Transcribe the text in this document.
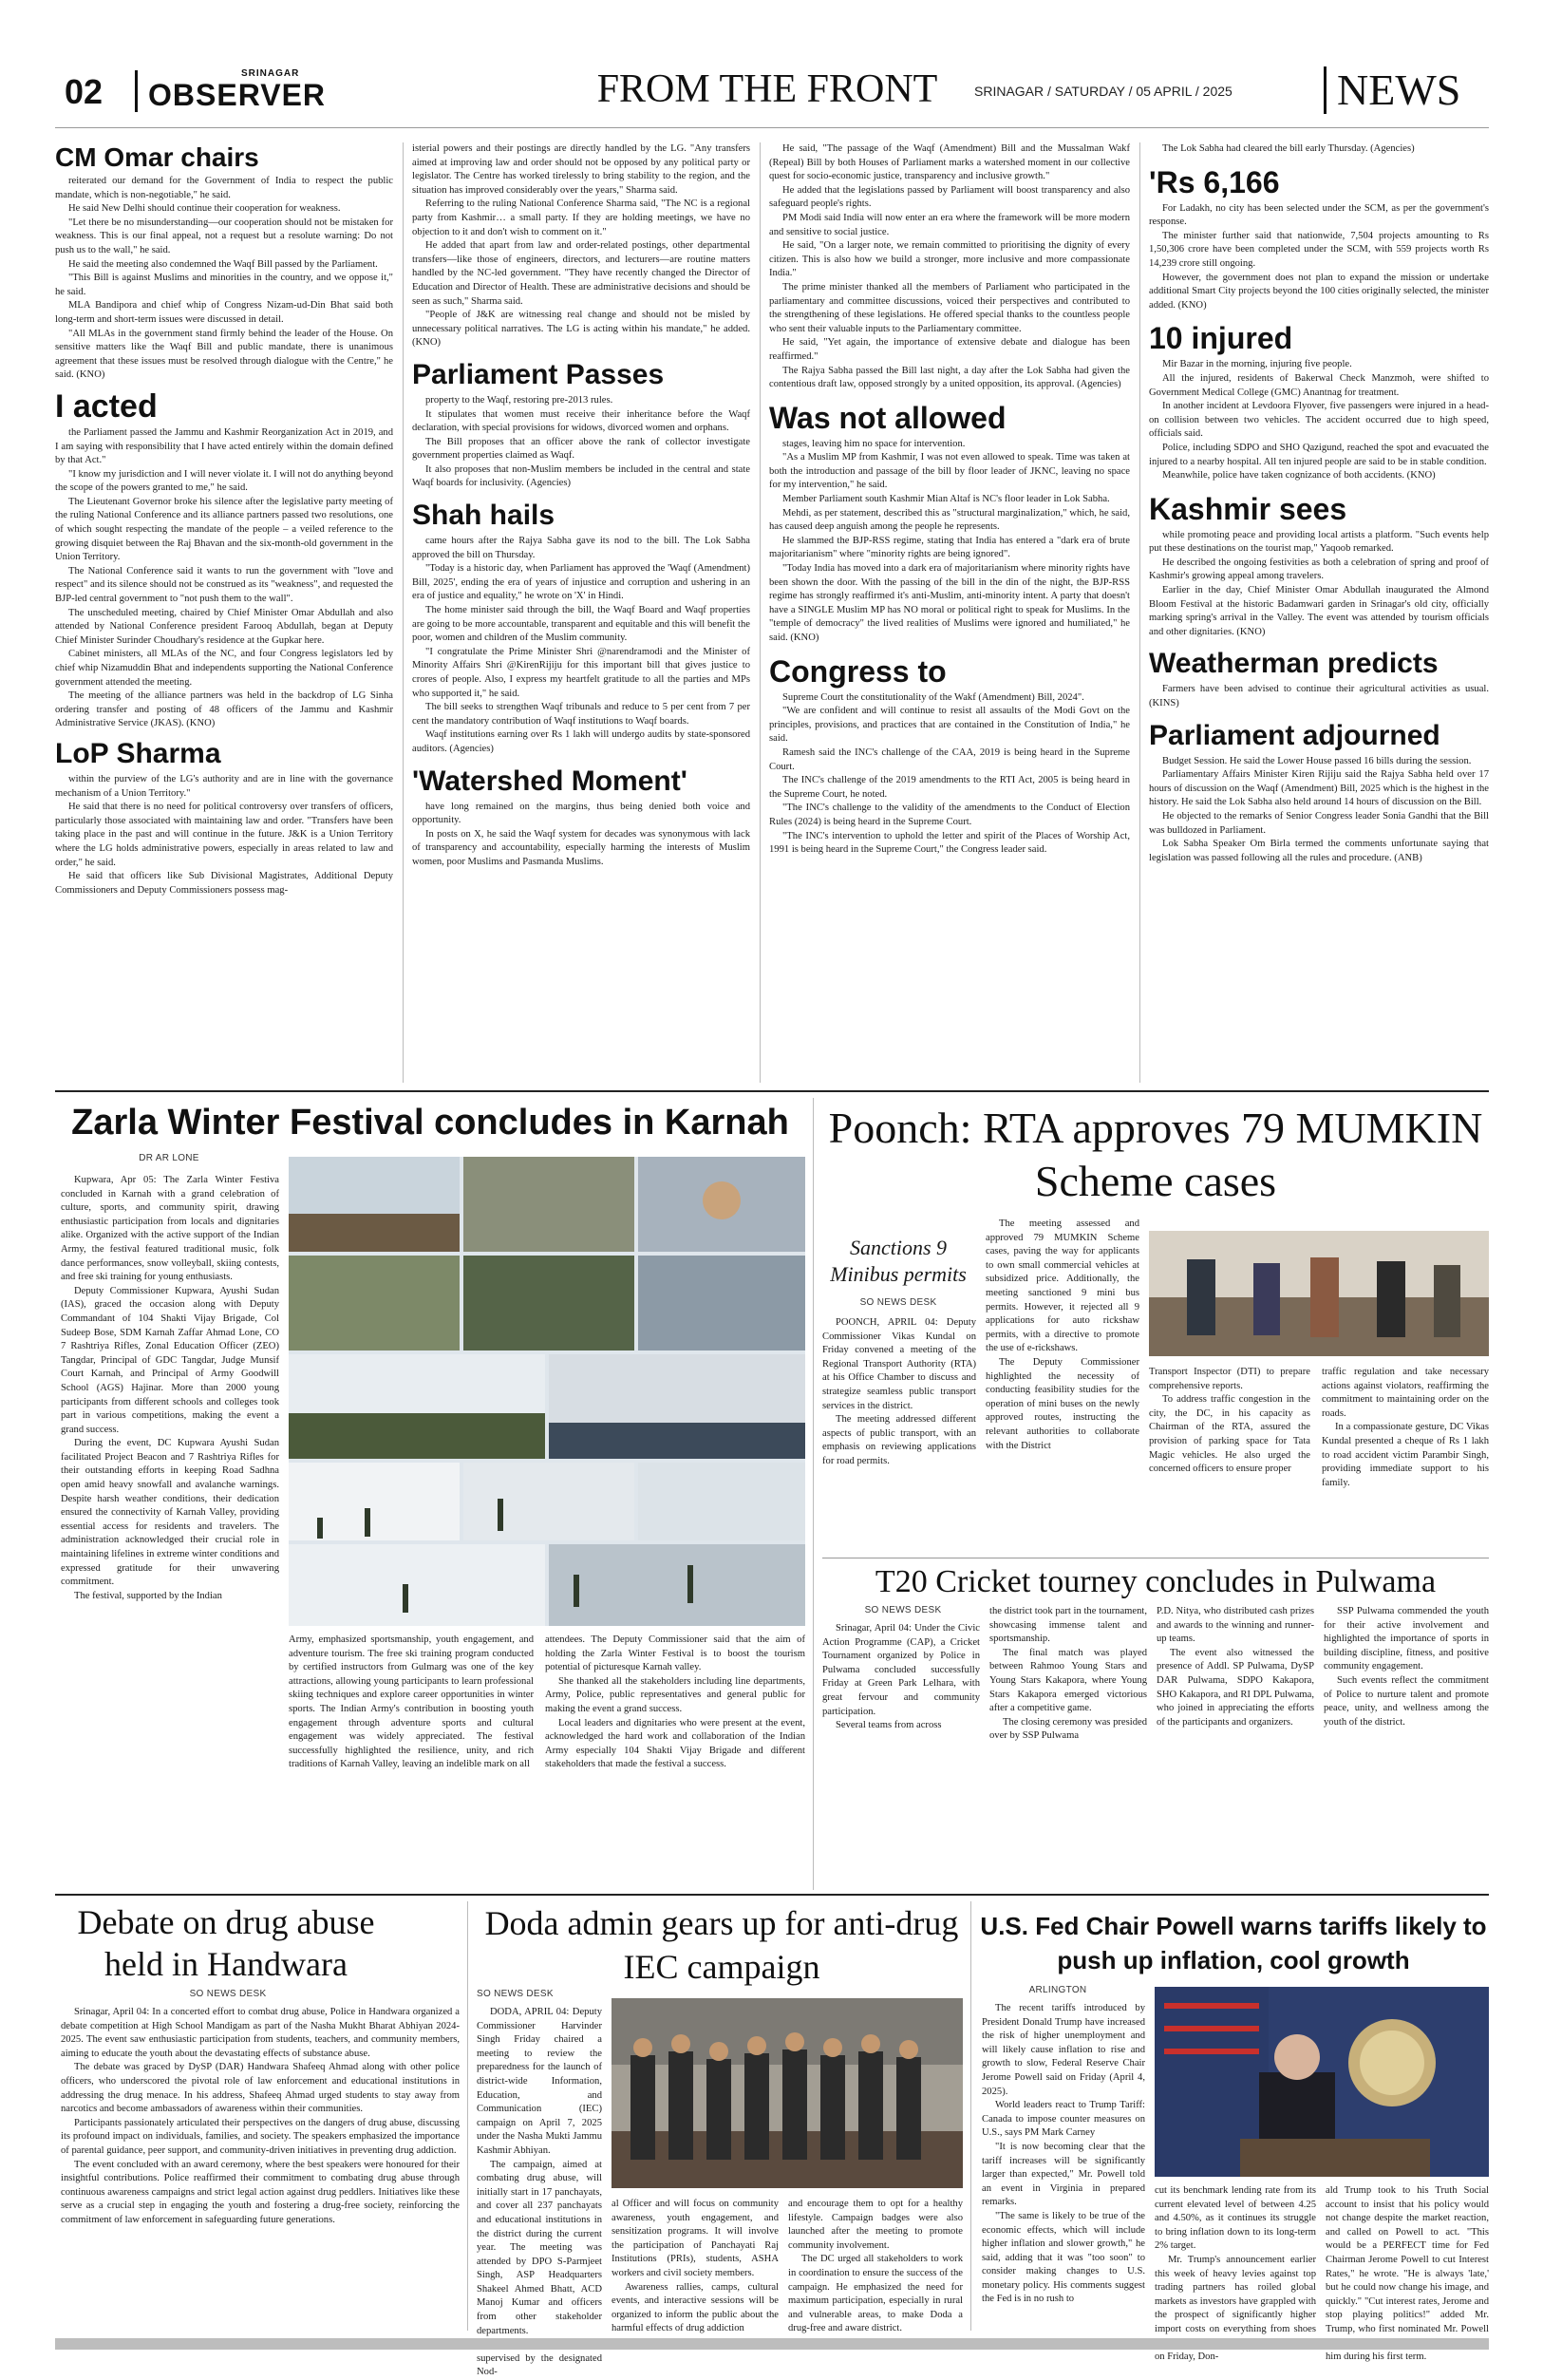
02	SRINAGAR
OBSERVER	FROM THE FRONT	SRINAGAR / SATURDAY / 05 APRIL / 2025 NEWS
CM Omar chairs

reiterated our demand for the Government of India to respect the public mandate, which is non-negotiable," he said.

He said New Delhi should continue their cooperation for weakness.

"Let there be no misunderstanding—our cooperation should not be mistaken for weakness. This is our final appeal, not a request but a resolute warning: Do not push us to the wall," he said.

He said the meeting also condemned the Waqf Bill passed by the Parliament.

"This Bill is against Muslims and minorities in the country, and we oppose it," he said.

MLA Bandipora and chief whip of Congress Nizam-ud-Din Bhat said both long-term and short-term issues were discussed in detail.

"All MLAs in the government stand firmly behind the leader of the House. On sensitive matters like the Waqf Bill and public mandate, there is unanimous agreement that these issues must be resolved through dialogue with the Centre," he said. (KNO)

I acted

the Parliament passed the Jammu and Kashmir Reorganization Act in 2019, and I am saying with responsibility that I have acted entirely within the domain defined by that Act."

"I know my jurisdiction and I will never violate it. I will not do anything beyond the scope of the powers granted to me," he said.

The Lieutenant Governor broke his silence after the legislative party meeting of the ruling National Conference and its alliance partners passed two resolutions, one of which sought respecting the mandate of the people – a veiled reference to the growing disquiet between the Raj Bhavan and the six-month-old government in the Union Territory.

The National Conference said it wants to run the government with "love and respect" and its silence should not be construed as its "weakness", and requested the BJP-led central government to "not push them to the wall".

The unscheduled meeting, chaired by Chief Minister Omar Abdullah and also attended by National Conference president Farooq Abdullah, began at Deputy Chief Minister Surinder Choudhary's residence at the Gupkar here.

Cabinet ministers, all MLAs of the NC, and four Congress legislators led by chief whip Nizamuddin Bhat and independents supporting the National Conference government attended the meeting.

The meeting of the alliance partners was held in the backdrop of LG Sinha ordering transfer and posting of 48 officers of the Jammu and Kashmir Administrative Service (JKAS). (KNO)

LoP Sharma

within the purview of the LG's authority and are in line with the governance mechanism of a Union Territory."

He said that there is no need for political controversy over transfers of officers, particularly those associated with maintaining law and order. "Transfers have been taking place in the past and will continue in the future. J&K is a Union Territory where the LG holds administrative powers, especially in areas related to law and order," he said.

He said that officers like Sub Divisional Magistrates, Additional Deputy Commissioners and Deputy Commissioners possess mag-

isterial powers and their postings are directly handled by the LG. "Any transfers aimed at improving law and order should not be opposed by any political party or legislator. The Centre has worked tirelessly to bring stability to the region, and the situation has improved considerably over the years," Sharma said.

Referring to the ruling National Conference Sharma said, "The NC is a regional party from Kashmir… a small party. If they are holding meetings, we have no objection to it and don't wish to comment on it."

He added that apart from law and order-related postings, other departmental transfers—like those of engineers, directors, and lecturers—are routine matters handled by the NC-led government. "They have recently changed the Director of Education and Director of Health. These are administrative decisions and should be seen as such," Sharma said.

"People of J&K are witnessing real change and should not be misled by unnecessary political narratives. The LG is acting within his mandate," he added. (KNO)

Parliament Passes

property to the Waqf, restoring pre-2013 rules.

It stipulates that women must receive their inheritance before the Waqf declaration, with special provisions for widows, divorced women and orphans.

The Bill proposes that an officer above the rank of collector investigate government properties claimed as Waqf.

It also proposes that non-Muslim members be included in the central and state Waqf boards for inclusivity. (Agencies)

Shah hails

came hours after the Rajya Sabha gave its nod to the bill. The Lok Sabha approved the bill on Thursday.

"Today is a historic day, when Parliament has approved the 'Waqf (Amendment) Bill, 2025', ending the era of years of injustice and corruption and ushering in an era of justice and equality," he wrote on 'X' in Hindi.

The home minister said through the bill, the Waqf Board and Waqf properties are going to be more accountable, transparent and equitable and this will benefit the poor, women and children of the Muslim community.

"I congratulate the Prime Minister Shri @narendramodi and the Minister of Minority Affairs Shri @KirenRijiju for this important bill that gives justice to crores of people. Also, I express my heartfelt gratitude to all the parties and MPs who supported it," he said.

The bill seeks to strengthen Waqf tribunals and reduce to 5 per cent from 7 per cent the mandatory contribution of Waqf institutions to Waqf boards.

Waqf institutions earning over Rs 1 lakh will undergo audits by state-sponsored auditors. (Agencies)

'Watershed Moment'

have long remained on the margins, thus being denied both voice and opportunity.

In posts on X, he said the Waqf system for decades was synonymous with lack of transparency and accountability, especially harming the interests of Muslim women, poor Muslims and Pasmanda Muslims.

He said, "The passage of the Waqf (Amendment) Bill and the Mussalman Wakf (Repeal) Bill by both Houses of Parliament marks a watershed moment in our collective quest for socio-economic justice, transparency and inclusive growth."

He added that the legislations passed by Parliament will boost transparency and also safeguard people's rights.

PM Modi said India will now enter an era where the framework will be more modern and sensitive to social justice.

He said, "On a larger note, we remain committed to prioritising the dignity of every citizen. This is also how we build a stronger, more inclusive and more compassionate India."

The prime minister thanked all the members of Parliament who participated in the parliamentary and committee discussions, voiced their perspectives and contributed to the strengthening of these legislations. He offered special thanks to the countless people who sent their valuable inputs to the Parliamentary committee.

He said, "Yet again, the importance of extensive debate and dialogue has been reaffirmed."

The Rajya Sabha passed the Bill last night, a day after the Lok Sabha had given the contentious draft law, opposed strongly by a united opposition, its approval. (Agencies)

Was not allowed

stages, leaving him no space for intervention.

"As a Muslim MP from Kashmir, I was not even allowed to speak. Time was taken at both the introduction and passage of the bill by floor leader of JKNC, leaving no space for my intervention," he said.

Member Parliament south Kashmir Mian Altaf is NC's floor leader in Lok Sabha.

Mehdi, as per statement, described this as "structural marginalization," which, he said, has caused deep anguish among the people he represents.

He slammed the BJP-RSS regime, stating that India has entered a "dark era of brute majoritarianism" where "minority rights are being ignored".

"Today India has moved into a dark era of majoritarianism where minority rights have been shown the door. With the passing of the bill in the din of the night, the BJP-RSS regime has strongly reaffirmed it's anti-Muslim, anti-minority intent. A party that doesn't have a SINGLE Muslim MP has NO moral or political right to speak for Muslims. In the "temple of democracy" the lived realities of Muslims were ignored and humiliated," he said. (KNO)

Congress to

Supreme Court the constitutionality of the Wakf (Amendment) Bill, 2024".

"We are confident and will continue to resist all assaults of the Modi Govt on the principles, provisions, and practices that are contained in the Constitution of India," he said.

Ramesh said the INC's challenge of the CAA, 2019 is being heard in the Supreme Court.

The INC's challenge of the 2019 amendments to the RTI Act, 2005 is being heard in the Supreme Court, he noted.

"The INC's challenge to the validity of the amendments to the Conduct of Election Rules (2024) is being heard in the Supreme Court.

"The INC's intervention to uphold the letter and spirit of the Places of Worship Act, 1991 is being heard in the Supreme Court," the Congress leader said.

The Lok Sabha had cleared the bill early Thursday. (Agencies)

'Rs 6,166

For Ladakh, no city has been selected under the SCM, as per the government's response.

The minister further said that nationwide, 7,504 projects amounting to Rs 1,50,306 crore have been completed under the SCM, with 559 projects worth Rs 14,239 crore still ongoing.

However, the government does not plan to expand the mission or undertake additional Smart City projects beyond the 100 cities originally selected, the minister added. (KNO)

10 injured

Mir Bazar in the morning, injuring five people.

All the injured, residents of Bakerwal Check Manzmoh, were shifted to Government Medical College (GMC) Anantnag for treatment.

In another incident at Levdoora Flyover, five passengers were injured in a head-on collision between two vehicles. The accident occurred due to high speed, officials said.

Police, including SDPO and SHO Qazigund, reached the spot and evacuated the injured to a nearby hospital. All ten injured people are said to be in stable condition.

Meanwhile, police have taken cognizance of both accidents. (KNO)

Kashmir sees

while promoting peace and providing local artists a platform. "Such events help put these destinations on the tourist map," Yaqoob remarked.

He described the ongoing festivities as both a celebration of spring and proof of Kashmir's growing appeal among travelers.

Earlier in the day, Chief Minister Omar Abdullah inaugurated the Almond Bloom Festival at the historic Badamwari garden in Srinagar's old city, officially marking spring's arrival in the Valley. The event was attended by tourism officials and other dignitaries. (KNO)

Weatherman predicts

Farmers have been advised to continue their agricultural activities as usual. (KINS)

Parliament adjourned

Budget Session. He said the Lower House passed 16 bills during the session.

Parliamentary Affairs Minister Kiren Rijiju said the Rajya Sabha held over 17 hours of discussion on the Waqf (Amendment) Bill, 2025 which is the highest in the history. He said the Lok Sabha also held around 14 hours of discussion on the Bill.

He objected to the remarks of Senior Congress leader Sonia Gandhi that the Bill was bulldozed in Parliament.

Lok Sabha Speaker Om Birla termed the comments unfortunate saying that legislation was passed following all the rules and procedure. (ANB)

Zarla Winter Festival concludes in Karnah
DR AR LONE

Kupwara, Apr 05: The Zarla Winter Festiva concluded in Karnah with a grand celebration of culture, sports, and community spirit, drawing enthusiastic participation from locals and dignitaries alike. Organized with the active support of the Indian Army, the festival featured traditional music, folk dance performances, snow volleyball, skiing contests, and free ski training for young enthusiasts.

Deputy Commissioner Kupwara, Ayushi Sudan (IAS), graced the occasion along with Deputy Commandant of 104 Shakti Vijay Brigade, Col Sudeep Bose, SDM Karnah Zaffar Ahmad Lone, CO 7 Rashtriya Rifles, Zonal Education Officer (ZEO) Tangdar, Principal of GDC Tangdar, Judge Munsif Court Karnah, and Principal of Army Goodwill School (AGS) Hajinar. More than 2000 young participants from different schools and colleges took part in various competitions, making the event a grand success.

During the event, DC Kupwara Ayushi Sudan facilitated Project Beacon and 7 Rashtriya Rifles for their outstanding efforts in keeping Road Sadhna open amid heavy snowfall and avalanche warnings. Despite harsh weather conditions, their dedication ensured the connectivity of Karnah Valley, providing essential access for residents and travelers. The administration acknowledged their crucial role in maintaining lifelines in extreme winter conditions and expressed gratitude for their unwavering commitment.

The festival, supported by the Indian

Army, emphasized sportsmanship, youth engagement, and adventure tourism. The free ski training program conducted by certified instructors from Gulmarg was one of the key attractions, allowing young participants to learn professional skiing techniques and explore career opportunities in winter sports. The Indian Army's contribution in boosting youth engagement through adventure sports and cultural engagement was widely appreciated. The festival successfully highlighted the resilience, unity, and rich traditions of Karnah Valley, leaving an indelible mark on all

attendees. The Deputy Commissioner said that the aim of holding the Zarla Winter Festival is to boost the tourism potential of picturesque Karnah valley.

She thanked all the stakeholders including line departments, Army, Police, public representatives and general public for making the event a grand success.

Local leaders and dignitaries who were present at the event, acknowledged the hard work and collaboration of the Indian Army especially 104 Shakti Vijay Brigade and different stakeholders that made the festival a success.

Poonch: RTA approves 79 MUMKIN Scheme cases
Sanctions 9 Minibus permits
SO NEWS DESK

POONCH, APRIL 04: Deputy Commissioner Vikas Kundal on Friday convened a meeting of the Regional Transport Authority (RTA) at his Office Chamber to discuss and strategize seamless public transport services in the district.

The meeting addressed different aspects of public transport, with an emphasis on reviewing applications for road permits.

The meeting assessed and approved 79 MUMKIN Scheme cases, paving the way for applicants to own small commercial vehicles at subsidized price. Additionally, the meeting sanctioned 9 mini bus permits. However, it rejected all 9 applications for auto rickshaw permits, with a directive to promote the use of e-rickshaws.

The Deputy Commissioner highlighted the necessity of conducting feasibility studies for the operation of mini buses on the newly approved routes, instructing the relevant authorities to collaborate with the District

Transport Inspector (DTI) to prepare comprehensive reports.

To address traffic congestion in the city, the DC, in his capacity as Chairman of the RTA, assured the provision of parking space for Tata Magic vehicles. He also urged the concerned officers to ensure proper

traffic regulation and take necessary actions against violators, reaffirming the commitment to maintaining order on the roads.

In a compassionate gesture, DC Vikas Kundal presented a cheque of Rs 1 lakh to road accident victim Parambir Singh, providing immediate support to his family.

T20 Cricket tourney concludes in Pulwama
SO NEWS DESK

Srinagar, April 04: Under the Civic Action Programme (CAP), a Cricket Tournament organized by Police in Pulwama concluded successfully Friday at Green Park Lelhara, with great fervour and community participation.

Several teams from across

the district took part in the tournament, showcasing immense talent and sportsmanship.

The final match was played between Rahmoo Young Stars and Young Stars Kakapora, where Young Stars Kakapora emerged victorious after a competitive game.

The closing ceremony was presided over by SSP Pulwama

P.D. Nitya, who distributed cash prizes and awards to the winning and runner-up teams.

The event also witnessed the presence of Addl. SP Pulwama, DySP DAR Pulwama, SDPO Kakapora, SHO Kakapora, and RI DPL Pulwama, who joined in appreciating the efforts of the participants and organizers.

SSP Pulwama commended the youth for their active involvement and highlighted the importance of sports in building discipline, fitness, and positive community engagement.

Such events reflect the commitment of Police to nurture talent and promote peace, unity, and wellness among the youth of the district.

Debate on drug abuse held in Handwara
SO NEWS DESK

Srinagar, April 04: In a concerted effort to combat drug abuse, Police in Handwara organized a debate competition at High School Mandigam as part of the Nasha Mukht Bharat Abhiyan 2024-2025. The event saw enthusiastic participation from students, teachers, and community members, aiming to educate the youth about the devastating effects of substance abuse.

The debate was graced by DySP (DAR) Handwara Shafeeq Ahmad along with other police officers, who underscored the pivotal role of law enforcement and educational institutions in addressing the drug menace. In his address, Shafeeq Ahmad urged students to stay away from narcotics and become ambassadors of awareness within their communities.

Participants passionately articulated their perspectives on the dangers of drug abuse, discussing its profound impact on individuals, families, and society. The speakers emphasized the importance of parental guidance, peer support, and community-driven initiatives in preventing drug addiction.

The event concluded with an award ceremony, where the best speakers were honoured for their insightful contributions. Police reaffirmed their commitment to combating drug abuse through continuous awareness campaigns and strict legal action against drug peddlers. Initiatives like these serve as a crucial step in engaging the youth and fostering a drug-free society, reinforcing the commitment of law enforcement in safeguarding future generations.

Doda admin gears up for anti-drug IEC campaign
SO NEWS DESK

DODA, APRIL 04: Deputy Commissioner Harvinder Singh Friday chaired a meeting to review the preparedness for the launch of district-wide Information, Education, and Communication (IEC) campaign on April 7, 2025 under the Nasha Mukti Jammu Kashmir Abhiyan.

The campaign, aimed at combating drug abuse, will initially start in 17 panchayats, and cover all 237 panchayats and educational institutions in the district during the current year. The meeting was attended by DPO S-Parmjeet Singh, ASP Headquarters Shakeel Ahmed Bhatt, ACD Manoj Kumar and officers from other stakeholder departments.

supervised by the designated Nod-

al Officer and will focus on community awareness, youth engagement, and sensitization programs. It will involve the participation of Panchayati Raj Institutions (PRIs), students, ASHA workers and civil society members.

Awareness rallies, camps, cultural events, and interactive sessions will be organized to inform the public about the harmful effects of drug addiction

and encourage them to opt for a healthy lifestyle. Campaign badges were also launched after the meeting to promote community involvement.

The DC urged all stakeholders to work in coordination to ensure the success of the campaign. He emphasized the need for maximum participation, especially in rural and vulnerable areas, to make Doda a drug-free and aware district.

U.S. Fed Chair Powell warns tariffs likely to push up inflation, cool growth
ARLINGTON

The recent tariffs introduced by President Donald Trump have increased the risk of higher unemployment and will likely cause inflation to rise and growth to slow, Federal Reserve Chair Jerome Powell said on Friday (April 4, 2025).

World leaders react to Trump Tariff: Canada to impose counter measures on U.S., says PM Mark Carney

"It is now becoming clear that the tariff increases will be significantly larger than expected," Mr. Powell told an event in Virginia in prepared remarks.

"The same is likely to be true of the economic effects, which will include higher inflation and slower growth," he said, adding that it was "too soon" to consider making changes to U.S. monetary policy. His comments suggest the Fed is in no rush to

cut its benchmark lending rate from its current elevated level of between 4.25 and 4.50%, as it continues its struggle to bring inflation down to its long-term 2% target.

Mr. Trump's announcement earlier this week of heavy levies against top trading partners has roiled global markets as investors have grappled with the prospect of significantly higher import costs on everything from shoes on Friday, Don-

ald Trump took to his Truth Social account to insist that his policy would not change despite the market reaction, and called on Powell to act. "This would be a PERFECT time for Fed Chairman Jerome Powell to cut Interest Rates," he wrote. "He is always 'late,' but he could now change his image, and quickly." "Cut interest rates, Jerome and stop playing politics!" added Mr. Trump, who first nominated Mr. Powell him during his first term.
